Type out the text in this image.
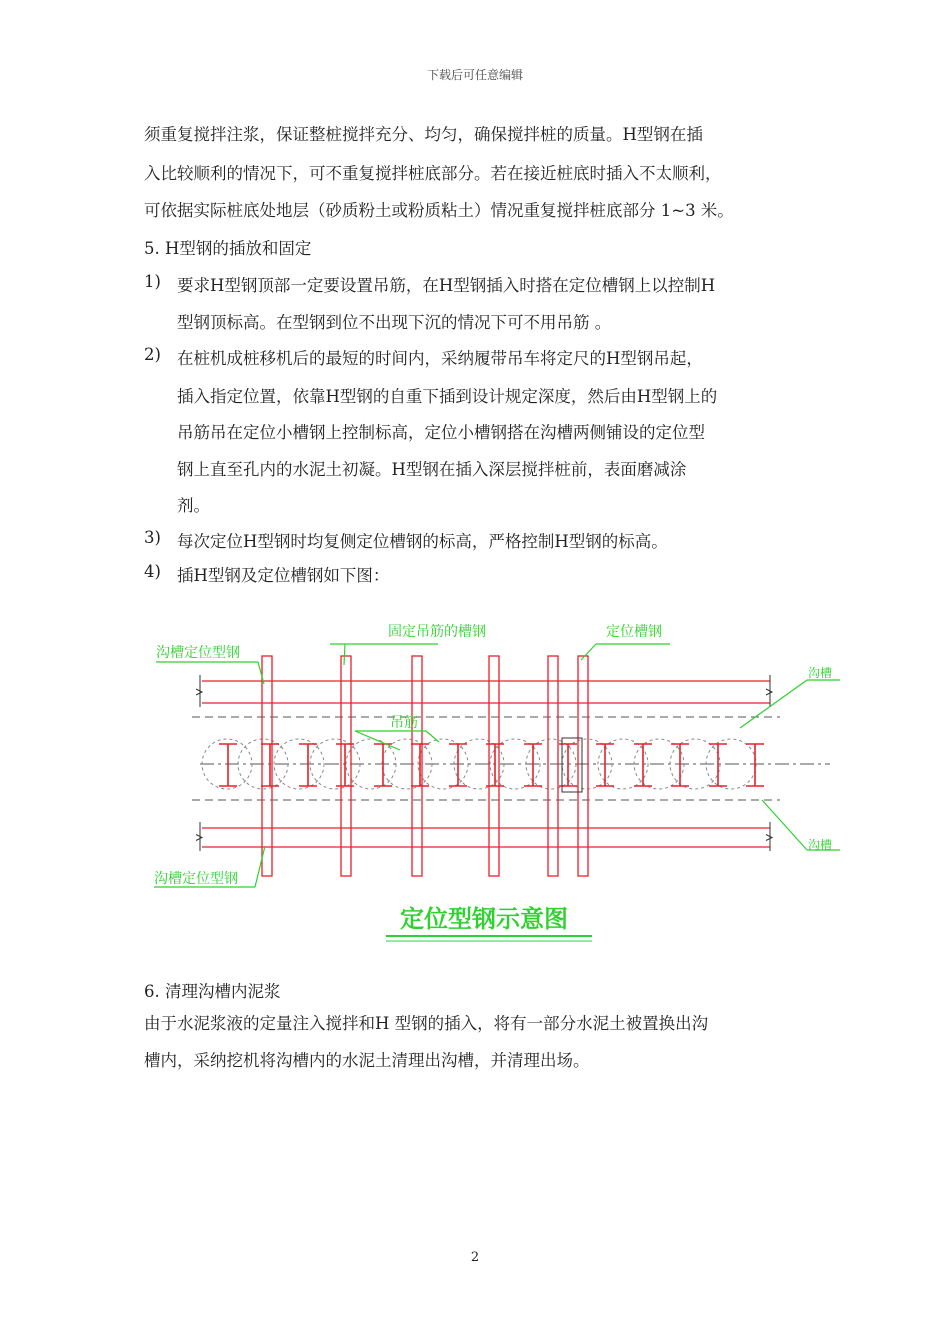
下载后可任意编辑
须重复搅拌注浆，保证整桩搅拌充分、均匀，确保搅拌桩的质量。H型钢在插
入比较顺利的情况下，可不重复搅拌桩底部分。若在接近桩底时插入不太顺利，
可依据实际桩底处地层（砂质粉土或粉质粘土）情况重复搅拌桩底部分 1~3 米。
5. H型钢的插放和固定
1) 要求H型钢顶部一定要设置吊筋，在H型钢插入时搭在定位槽钢上以控制H
型钢顶标高。在型钢到位不出现下沉的情况下可不用吊筋 。
2) 在桩机成桩移机后的最短的时间内，采纳履带吊车将定尺的H型钢吊起，
插入指定位置，依靠H型钢的自重下插到设计规定深度，然后由H型钢上的
吊筋吊在定位小槽钢上控制标高，定位小槽钢搭在沟槽两侧铺设的定位型
钢上直至孔内的水泥土初凝。H型钢在插入深层搅拌桩前，表面磨减涂
剂。
3) 每次定位H型钢时均复侧定位槽钢的标高，严格控制H型钢的标高。
4) 插H型钢及定位槽钢如下图：
沟槽定位型钢
固定吊筋的槽钢	定位槽钢
沟槽
吊筋
沟槽
沟槽定位型钢
定位型钢示意图
6. 清理沟槽内泥浆
由于水泥浆液的定量注入搅拌和H 型钢的插入，将有一部分水泥土被置换出沟
槽内，采纳挖机将沟槽内的水泥土清理出沟槽，并清理出场。
2
